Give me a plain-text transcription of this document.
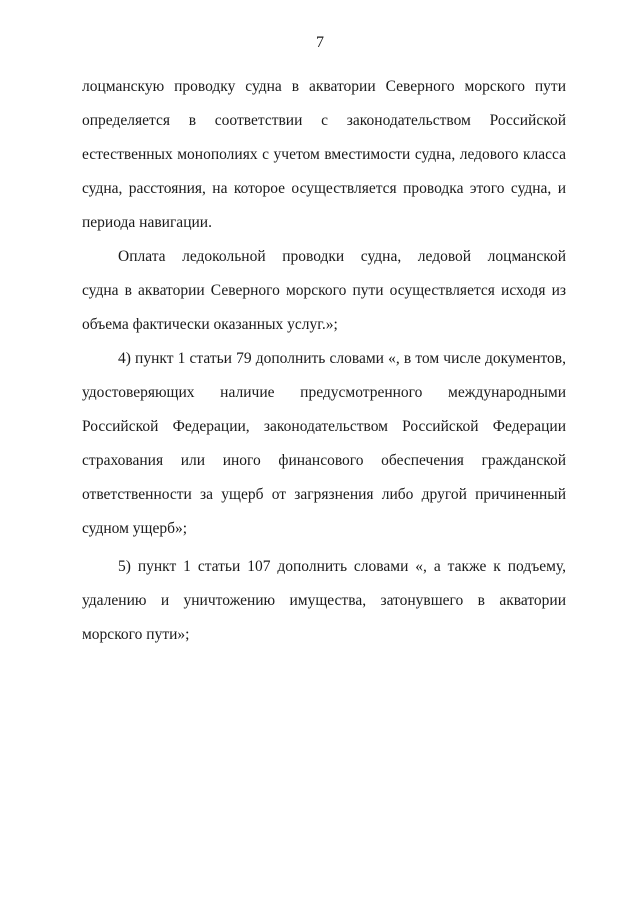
7
лоцманскую проводку судна в акватории Северного морского пути
определяется в соответствии с законодательством Российской
естественных монополиях с учетом вместимости судна, ледового класса
судна, расстояния, на которое осуществляется проводка этого судна, и
периода навигации.
Оплата ледокольной проводки судна, ледовой лоцманской
судна в акватории Северного морского пути осуществляется исходя из
объема фактически оказанных услуг.»;
4) пункт 1 статьи 79 дополнить словами «, в том числе документов,
удостоверяющих наличие предусмотренного международными
Российской Федерации, законодательством Российской Федерации
страхования или иного финансового обеспечения гражданской
ответственности за ущерб от загрязнения либо другой причиненный
судном ущерб»;
5) пункт 1 статьи 107 дополнить словами «, а также к подъему,
удалению и уничтожению имущества, затонувшего в акватории
морского пути»;
